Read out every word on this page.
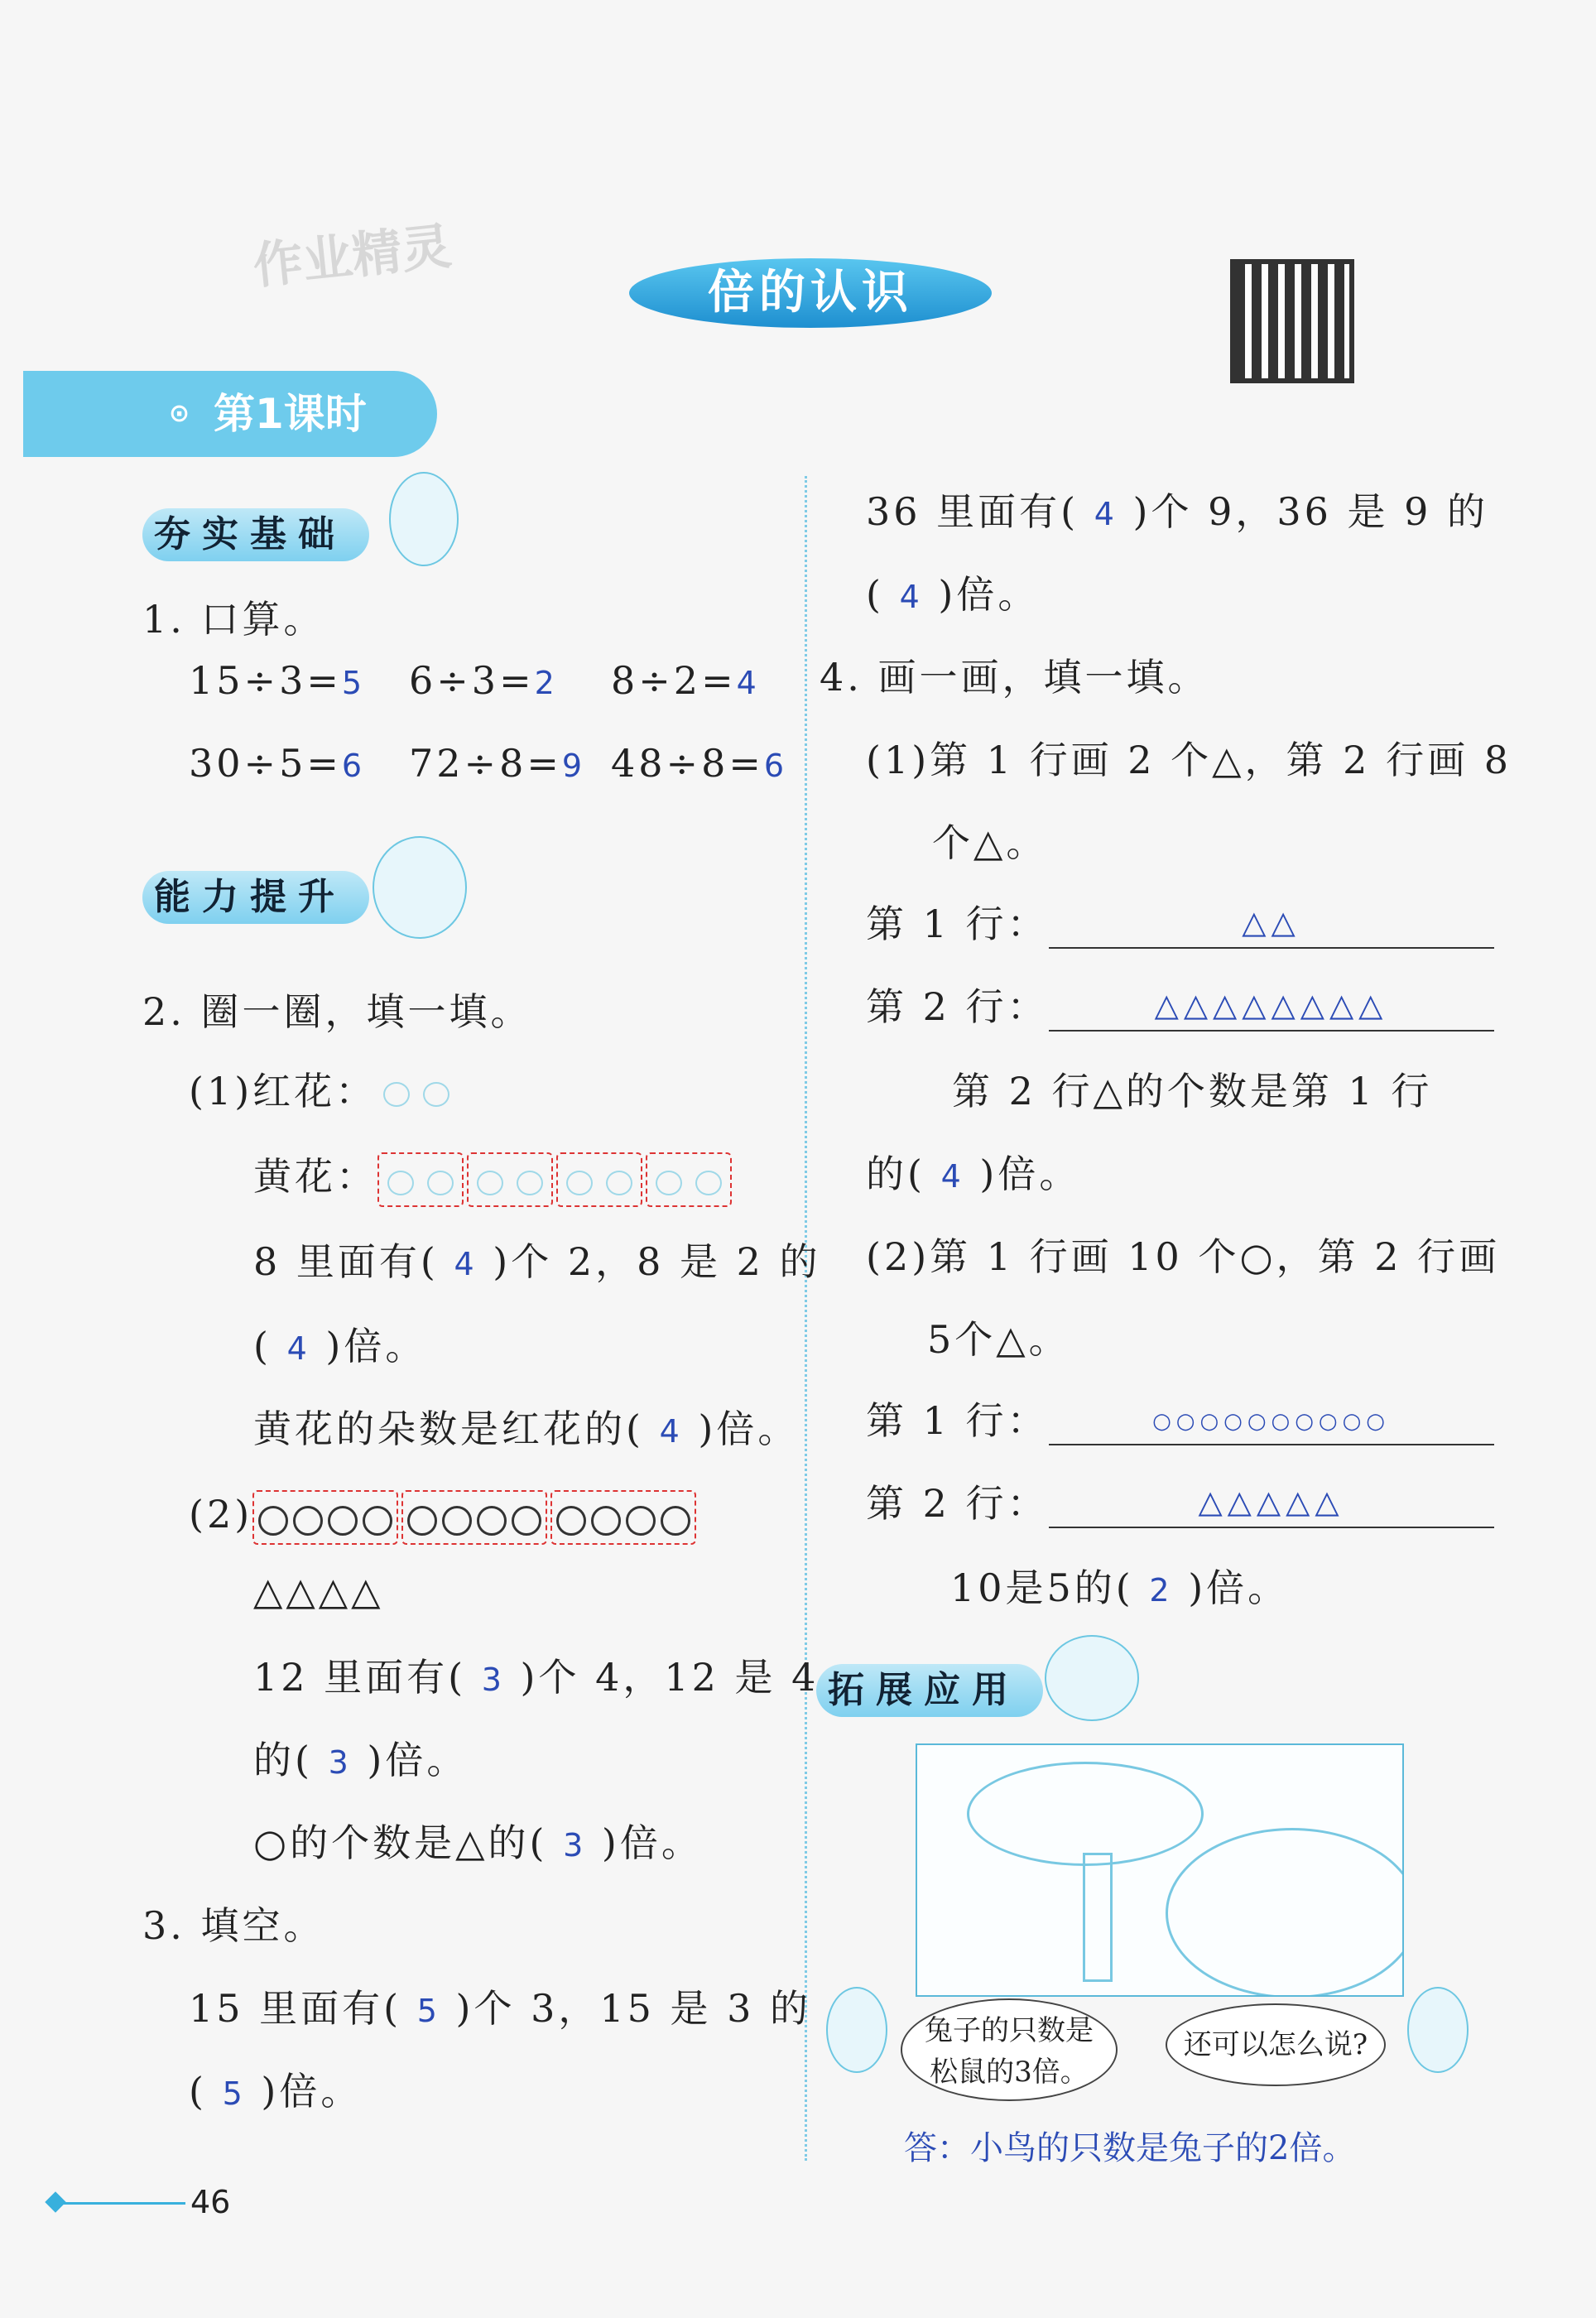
作业精灵	倍的认识
⊙ 第1课时
夯实基础
能力提升
拓展应用
1. 口算。
15÷3=5 6÷3=2 8÷2=4
30÷5=6 72÷8=9 48÷8=6
2. 圈一圈，填一填。
(1)红花：
黄花：
8 里面有( 4 )个 2，8 是 2 的
( 4 )倍。
黄花的朵数是红花的( 4 )倍。
(2)
△△△△
12 里面有( 3 )个 4，12 是 4
的( 3 )倍。
○的个数是△的( 3 )倍。
3. 填空。
15 里面有( 5 )个 3，15 是 3 的
( 5 )倍。
36 里面有( 4 )个 9，36 是 9 的
( 4 )倍。
4. 画一画，填一填。
(1)第 1 行画 2 个△，第 2 行画 8
个△。
第 1 行：	△△
第 2 行：	△△△△△△△△
第 2 行△的个数是第 1 行
的( 4 )倍。
(2)第 1 行画 10 个○，第 2 行画
5个△。
第 1 行：	○○○○○○○○○○
第 2 行：	△△△△△
10是5的( 2 )倍。
兔子的只数是松鼠的3倍。
还可以怎么说?
答：小鸟的只数是兔子的2倍。
46
